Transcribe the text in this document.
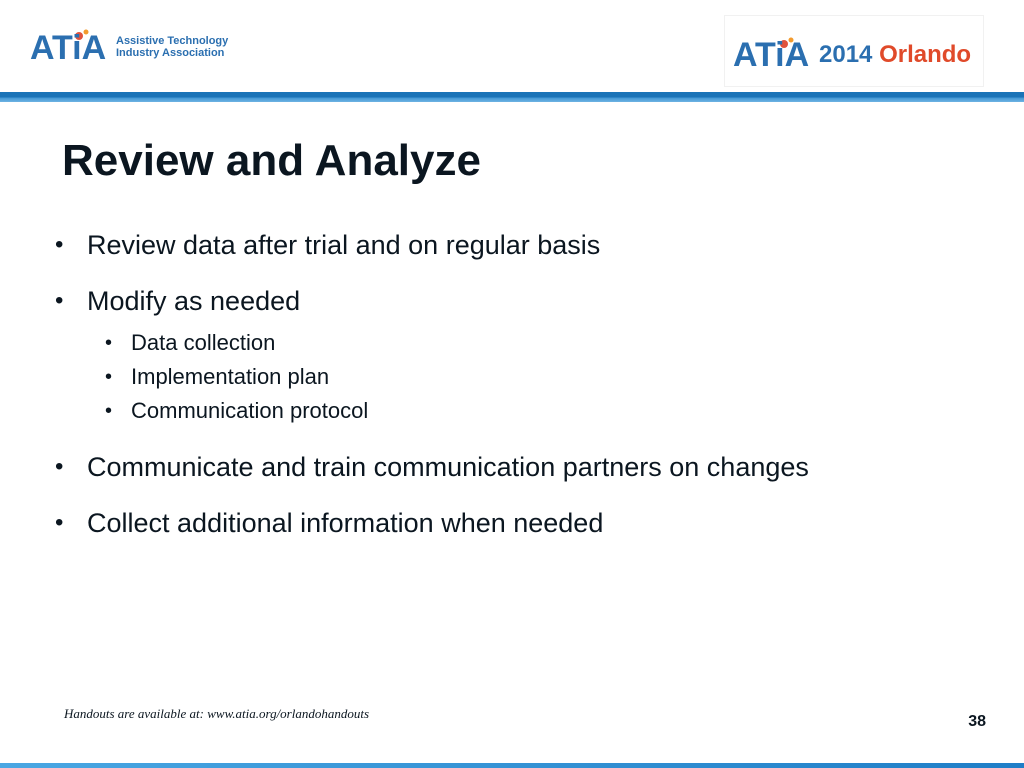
ATiA Assistive Technology
Industry Association	ATiA 2014 Orlando
Review and Analyze
• Review data after trial and on regular basis
• Modify as needed
• Data collection
• Implementation plan
• Communication protocol
• Communicate and train communication partners on changes
• Collect additional information when needed
Handouts are available at: www.atia.org/orlandohandouts	38
